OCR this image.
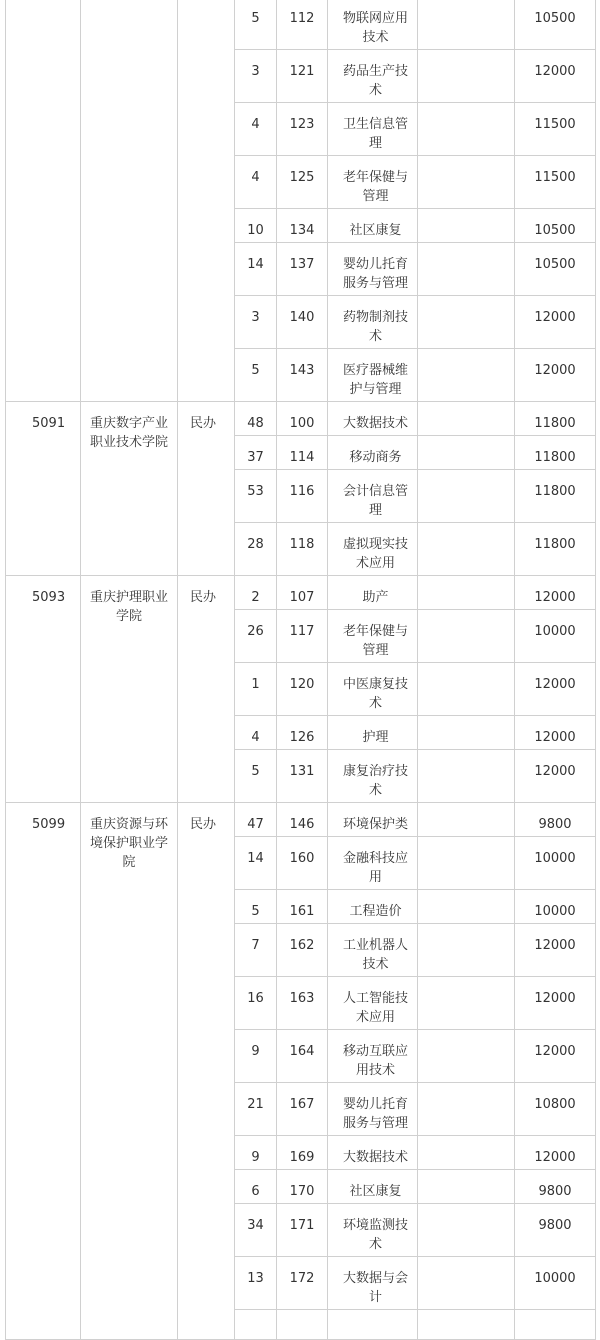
			5	112	物联网应用
技术		10500

			3	121	药品生产技
术		12000

			4	123	卫生信息管
理		11500

			4	125	老年保健与
管理		11500

			10	134	社区康复		10500

			14	137	婴幼儿托育
服务与管理		10500

			3	140	药物制剂技
术		12000

			5	143	医疗器械维
护与管理		12000

5091	重庆数字产业
职业技术学院	民办	48	100	大数据技术		11800

			37	114	移动商务		11800

			53	116	会计信息管
理		11800

			28	118	虚拟现实技
术应用		11800

5093	重庆护理职业
学院	民办	2	107	助产		12000

			26	117	老年保健与
管理		10000

			1	120	中医康复技
术		12000

			4	126	护理		12000

			5	131	康复治疗技
术		12000

5099	重庆资源与环
境保护职业学
院	民办	47	146	环境保护类		9800

			14	160	金融科技应
用		10000

			5	161	工程造价		10000

			7	162	工业机器人
技术		12000

			16	163	人工智能技
术应用		12000

			9	164	移动互联应
用技术		12000

			21	167	婴幼儿托育
服务与管理		10800

			9	169	大数据技术		12000

			6	170	社区康复		9800

			34	171	环境监测技
术		9800

			13	172	大数据与会
计		10000
